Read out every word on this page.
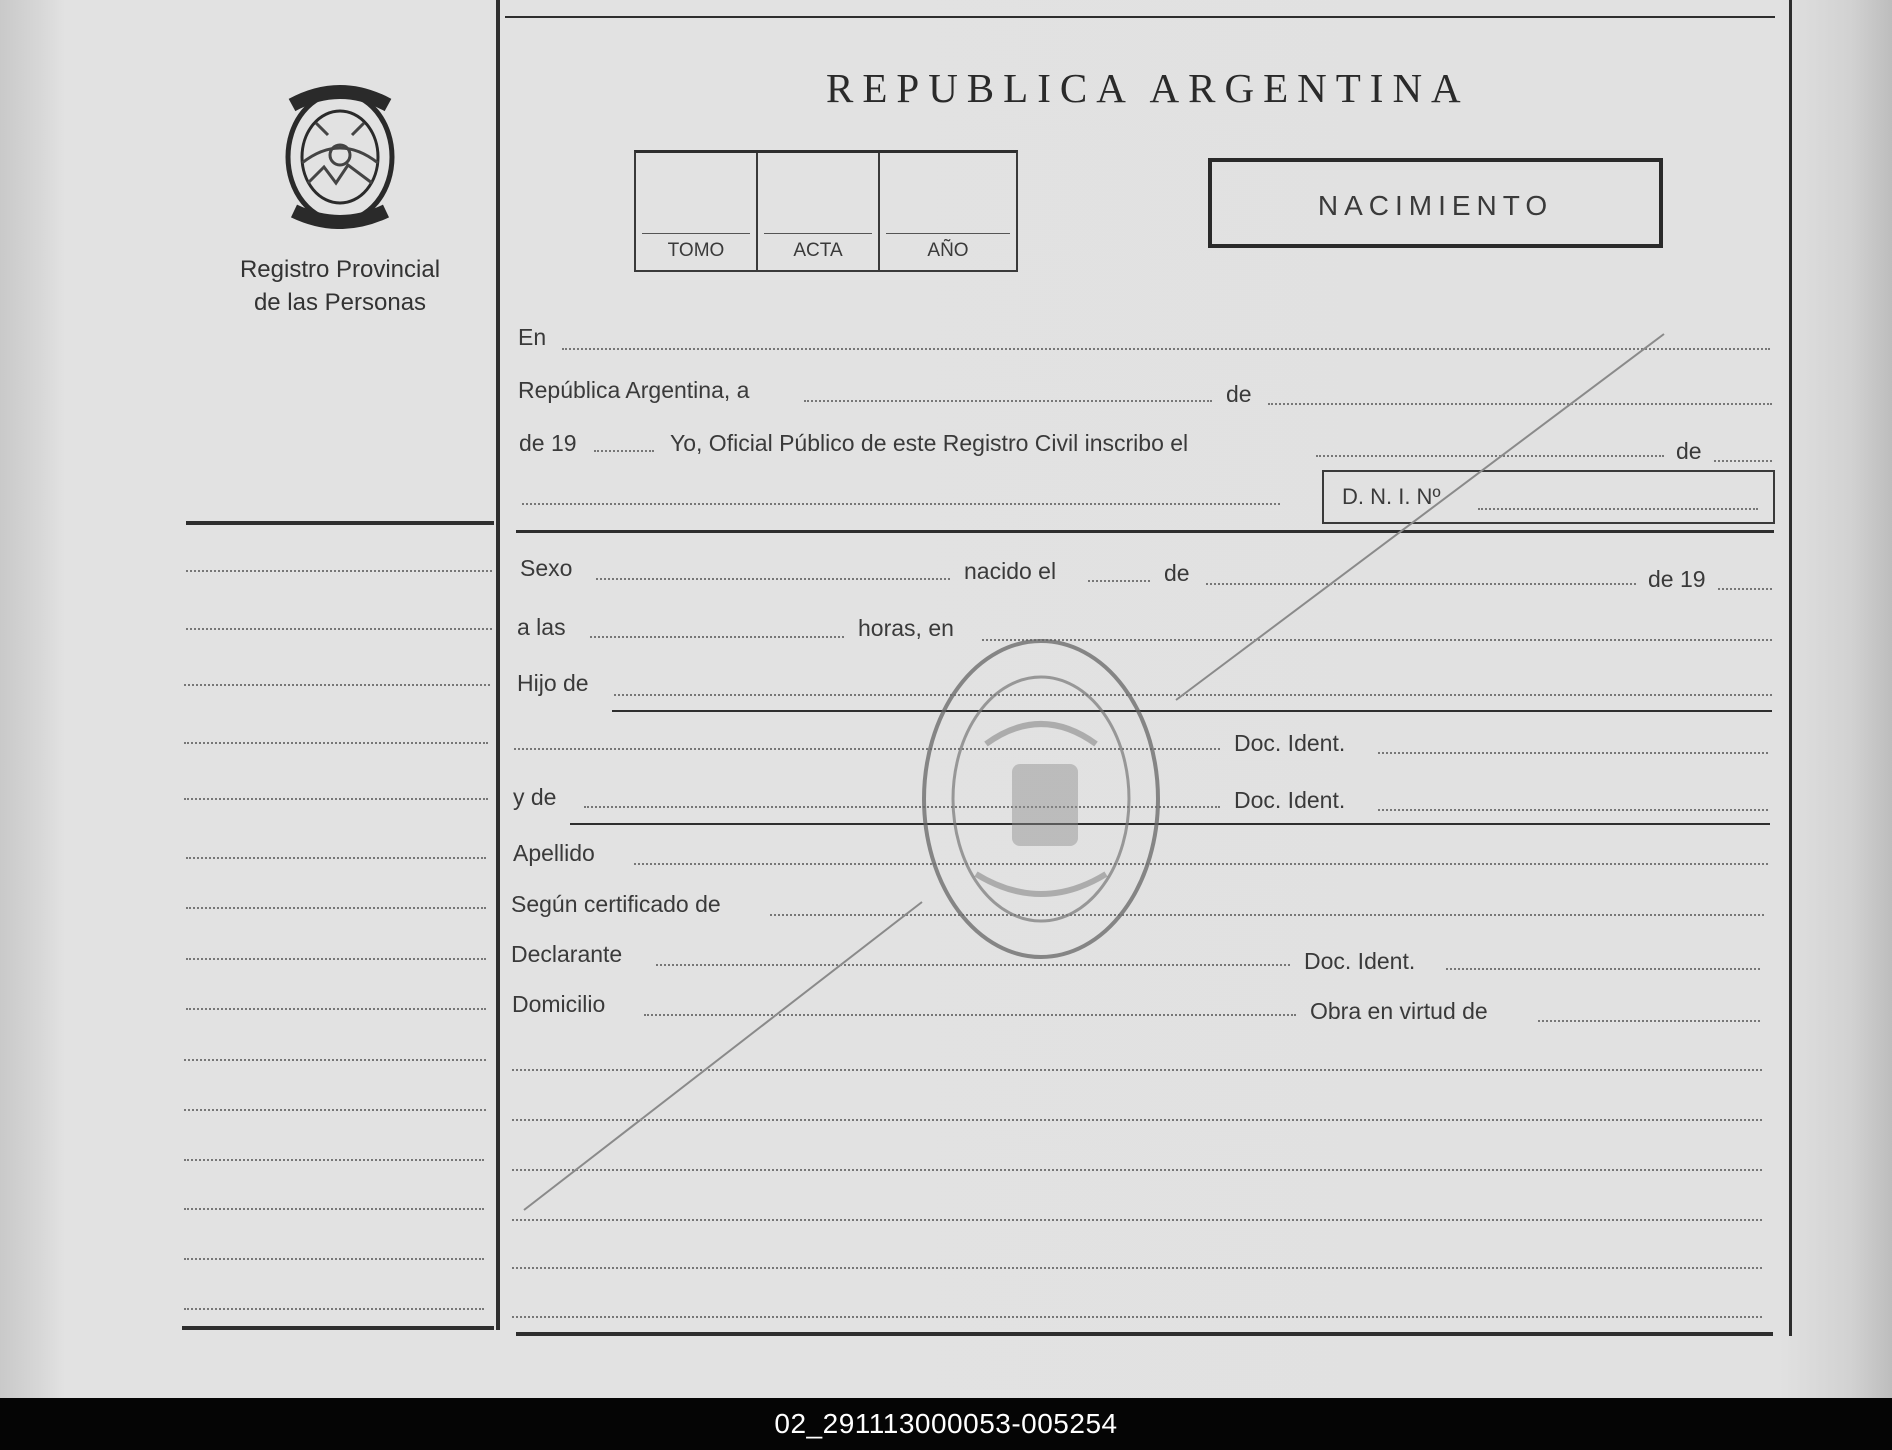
Registro Provincial
de las Personas
REPUBLICA ARGENTINA
TOMO	ACTA	AÑO
NACIMIENTO
En
República Argentina, a	de
de 19	Yo, Oficial Público de este Registro Civil inscribo el	de
D. N. I. Nº
Sexo	nacido el	de	de 19
a las	horas, en
Hijo de
Doc. Ident.
y de	Doc. Ident.
Apellido
Según certificado de
Declarante	Doc. Ident.
Domicilio	Obra en virtud de
02_291113000053-005254
